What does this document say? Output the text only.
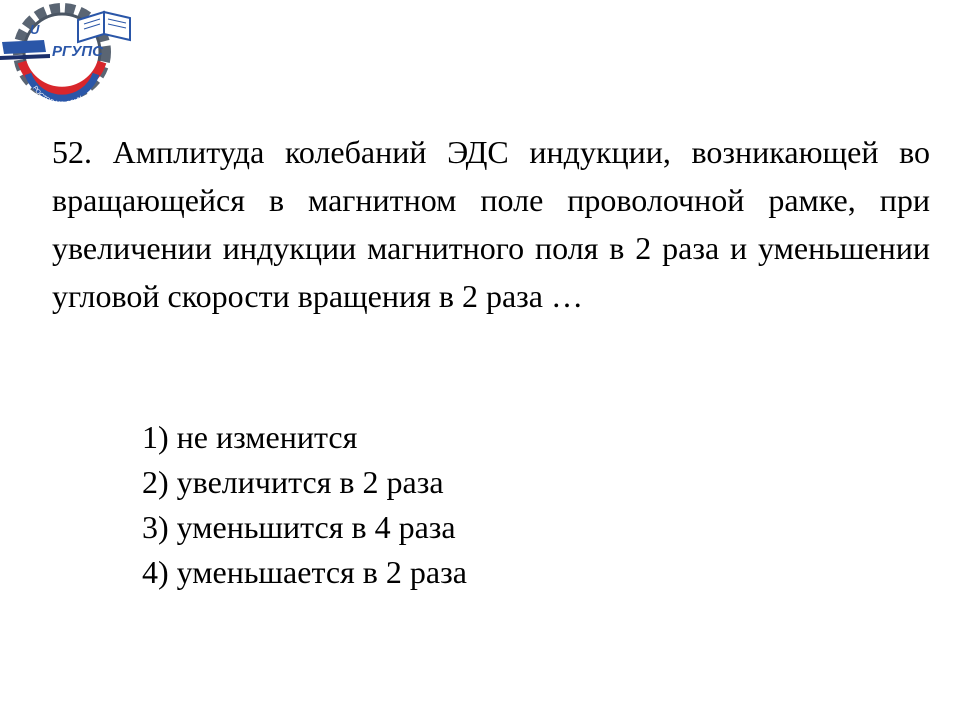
U
РГУПС
РОСТОВ-НА-ДОНУ

52. Амплитуда колебаний ЭДС индукции, возникающей во вращающейся в магнитном поле проволочной рамке, при увеличении индукции магнитного поля в 2 раза и уменьшении угловой скорости вращения в 2 раза …

1) не изменится
2) увеличится в 2 раза
3) уменьшится в 4 раза
4) уменьшается в 2 раза
